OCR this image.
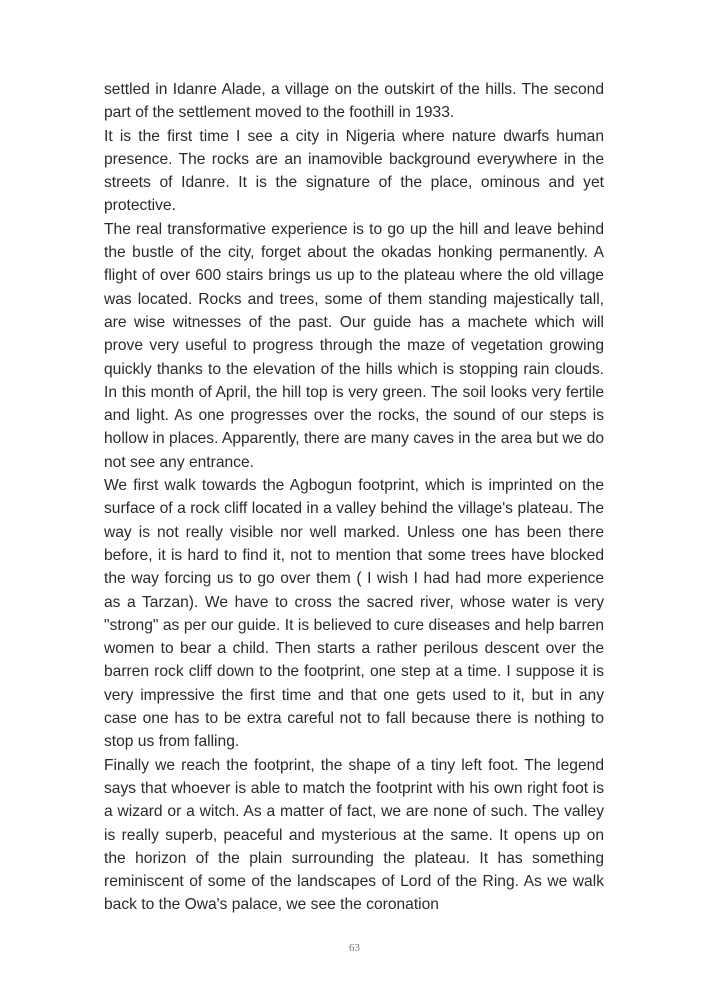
settled in Idanre Alade, a village on the outskirt of the hills. The second part of the settlement moved to the foothill in 1933.

It is the first time I see a city in Nigeria where nature dwarfs human presence. The rocks are an inamovible background everywhere in the streets of Idanre. It is the signature of the place, ominous and yet protective.

The real transformative experience is to go up the hill and leave behind the bustle of the city, forget about the okadas honking permanently. A flight of over 600 stairs brings us up to the plateau where the old village was located. Rocks and trees, some of them standing majestically tall, are wise witnesses of the past. Our guide has a machete which will prove very useful to progress through the maze of vegetation growing quickly thanks to the elevation of the hills which is stopping rain clouds. In this month of April, the hill top is very green. The soil looks very fertile and light. As one progresses over the rocks, the sound of our steps is hollow in places. Apparently, there are many caves in the area but we do not see any entrance.

We first walk towards the Agbogun footprint, which is imprinted on the surface of a rock cliff located in a valley behind the village's plateau. The way is not really visible nor well marked. Unless one has been there before, it is hard to find it, not to mention that some trees have blocked the way forcing us to go over them ( I wish I had had more experience as a Tarzan). We have to cross the sacred river, whose water is very "strong" as per our guide. It is believed to cure diseases and help barren women to bear a child. Then starts a rather perilous descent over the barren rock cliff down to the footprint, one step at a time. I suppose it is very impressive the first time and that one gets used to it, but in any case one has to be extra careful not to fall because there is nothing to stop us from falling.

Finally we reach the footprint, the shape of a tiny left foot. The legend says that whoever is able to match the footprint with his own right foot is a wizard or a witch. As a matter of fact, we are none of such. The valley is really superb, peaceful and mysterious at the same. It opens up on the horizon of the plain surrounding the plateau. It has something reminiscent of some of the landscapes of Lord of the Ring. As we walk back to the Owa's palace, we see the coronation

63
